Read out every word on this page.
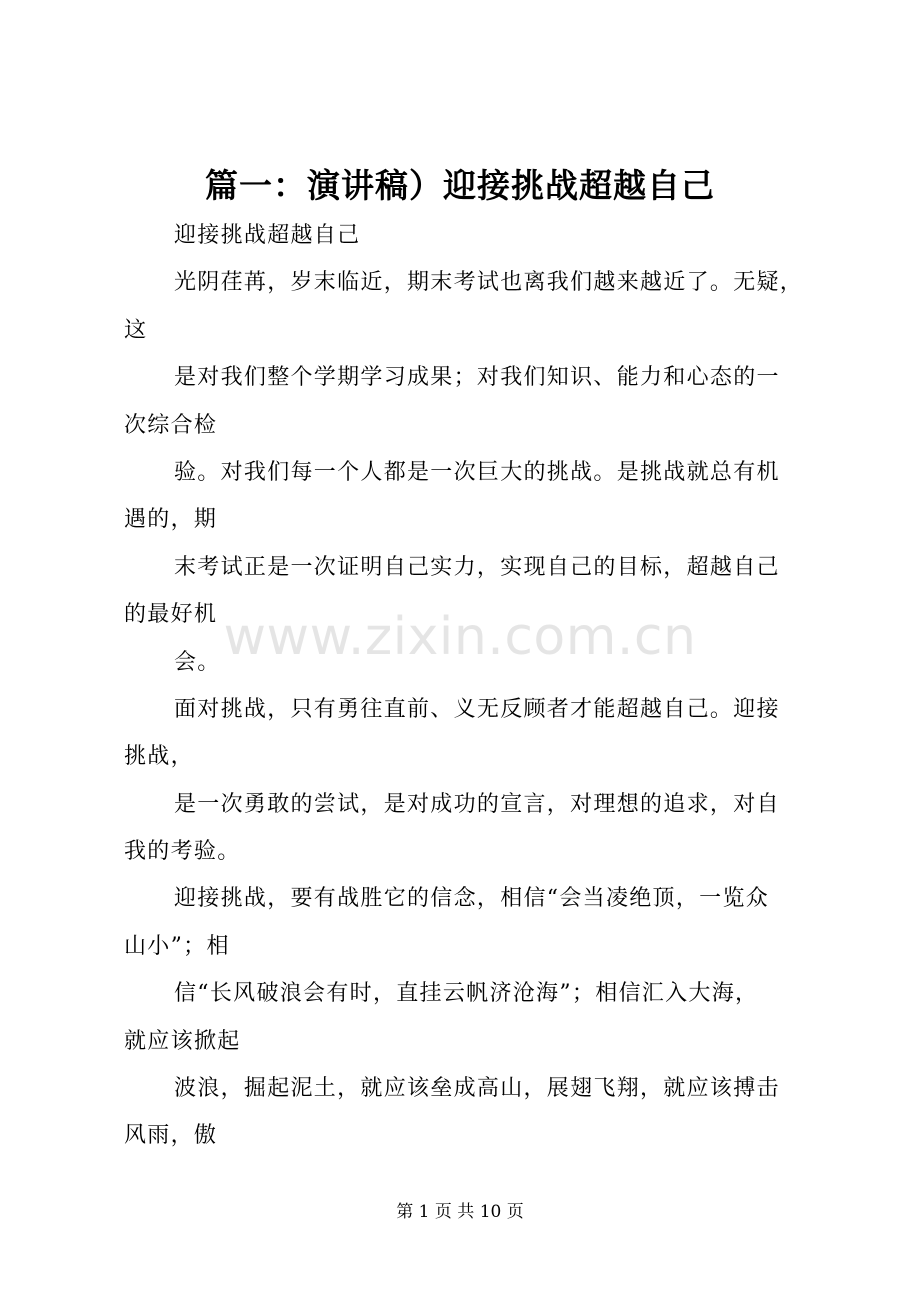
篇一：演讲稿）迎接挑战超越自己
迎接挑战超越自己
光阴荏苒，岁末临近，期末考试也离我们越来越近了。无疑，
这
是对我们整个学期学习成果；对我们知识、能力和心态的一
次综合检
验。对我们每一个人都是一次巨大的挑战。是挑战就总有机
遇的，期
末考试正是一次证明自己实力，实现自己的目标，超越自己
的最好机
会。
面对挑战，只有勇往直前、义无反顾者才能超越自己。迎接
挑战，
是一次勇敢的尝试，是对成功的宣言，对理想的追求，对自
我的考验。
迎接挑战，要有战胜它的信念，相信“会当凌绝顶，一览众
山小”；相
信“长风破浪会有时，直挂云帆济沧海”；相信汇入大海，
就应该掀起
波浪，掘起泥土，就应该垒成高山，展翅飞翔，就应该搏击
风雨，傲
www.zixin.com.cn
第 1 页 共 10 页
